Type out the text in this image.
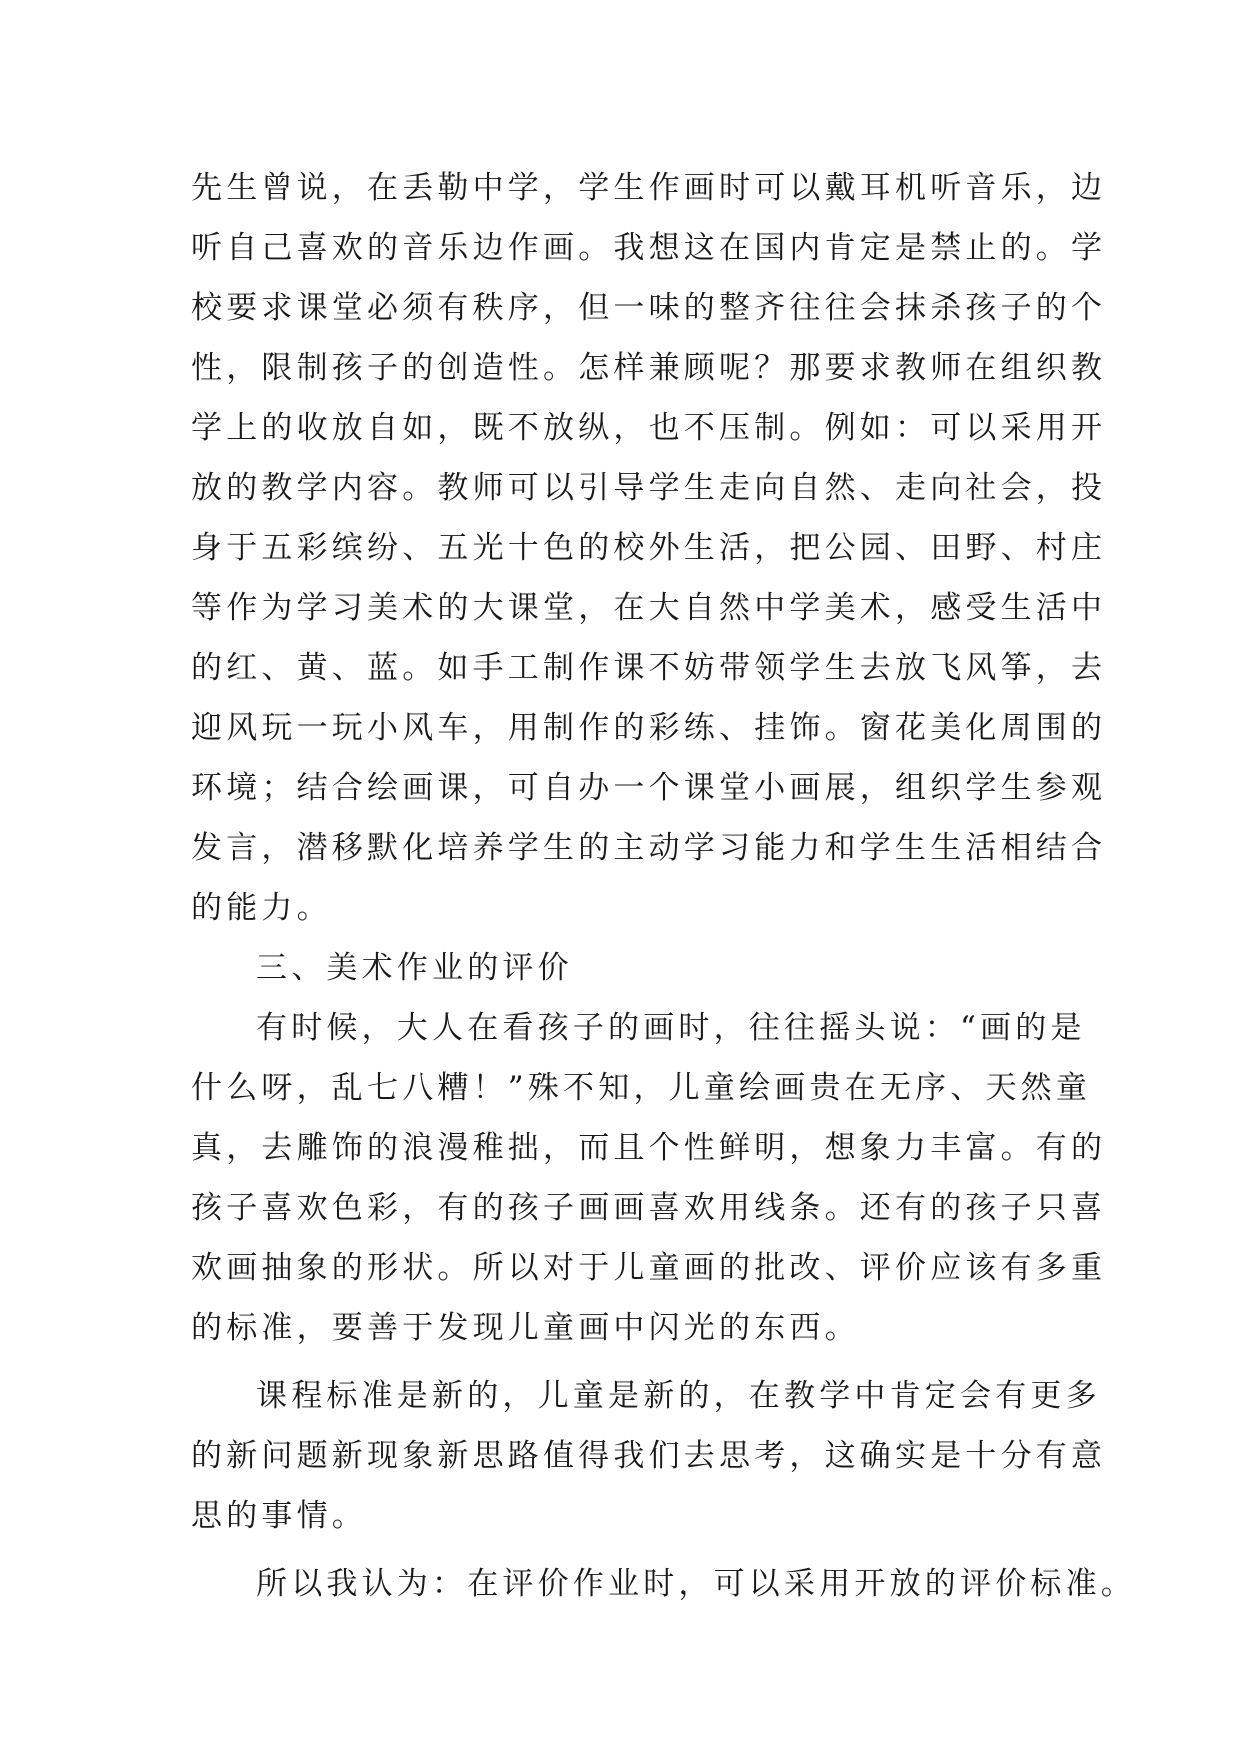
先生曾说，在丢勒中学，学生作画时可以戴耳机听音乐，边
听自己喜欢的音乐边作画。我想这在国内肯定是禁止的。学
校要求课堂必须有秩序，但一味的整齐往往会抹杀孩子的个
性，限制孩子的创造性。怎样兼顾呢？那要求教师在组织教
学上的收放自如，既不放纵，也不压制。例如：可以采用开
放的教学内容。教师可以引导学生走向自然、走向社会，投
身于五彩缤纷、五光十色的校外生活，把公园、田野、村庄
等作为学习美术的大课堂，在大自然中学美术，感受生活中
的红、黄、蓝。如手工制作课不妨带领学生去放飞风筝，去
迎风玩一玩小风车，用制作的彩练、挂饰。窗花美化周围的
环境；结合绘画课，可自办一个课堂小画展，组织学生参观
发言，潜移默化培养学生的主动学习能力和学生生活相结合
的能力。
三、美术作业的评价
有时候，大人在看孩子的画时，往往摇头说：“画的是
什么呀，乱七八糟！”殊不知，儿童绘画贵在无序、天然童
真，去雕饰的浪漫稚拙，而且个性鲜明，想象力丰富。有的
孩子喜欢色彩，有的孩子画画喜欢用线条。还有的孩子只喜
欢画抽象的形状。所以对于儿童画的批改、评价应该有多重
的标准，要善于发现儿童画中闪光的东西。
课程标准是新的，儿童是新的，在教学中肯定会有更多
的新问题新现象新思路值得我们去思考，这确实是十分有意
思的事情。
所以我认为：在评价作业时，可以采用开放的评价标准。
